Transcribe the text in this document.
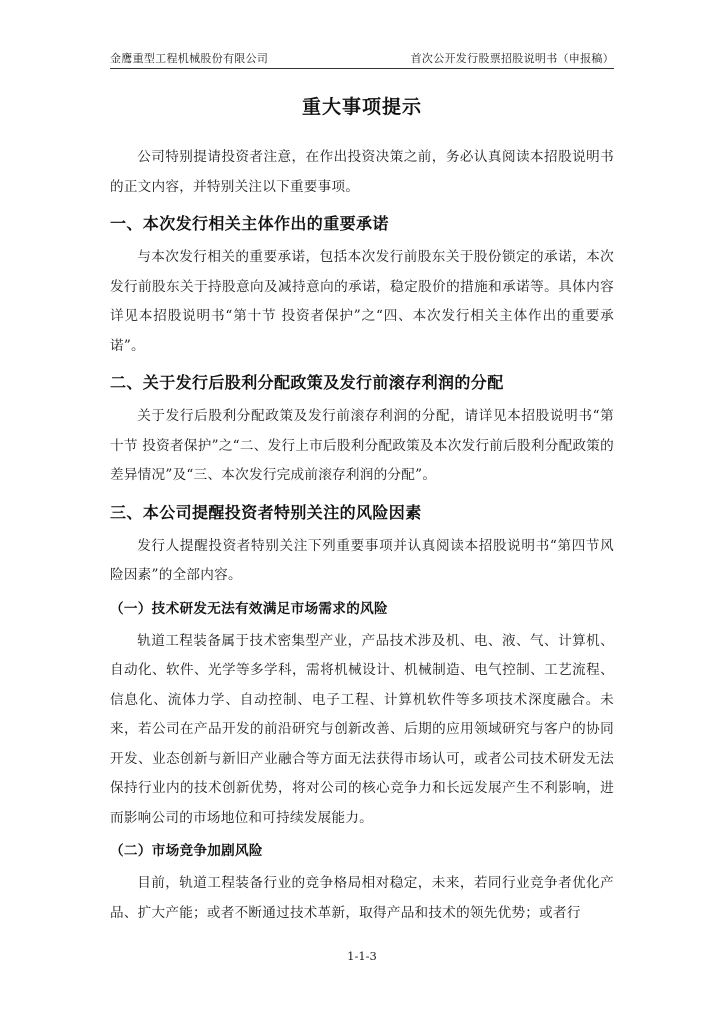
金鹰重型工程机械股份有限公司	首次公开发行股票招股说明书（申报稿）
重大事项提示

公司特别提请投资者注意，在作出投资决策之前，务必认真阅读本招股说明书的正文内容，并特别关注以下重要事项。

一、本次发行相关主体作出的重要承诺

与本次发行相关的重要承诺，包括本次发行前股东关于股份锁定的承诺，本次发行前股东关于持股意向及减持意向的承诺，稳定股价的措施和承诺等。具体内容详见本招股说明书“第十节 投资者保护”之“四、本次发行相关主体作出的重要承诺”。

二、关于发行后股利分配政策及发行前滚存利润的分配

关于发行后股利分配政策及发行前滚存利润的分配，请详见本招股说明书“第十节 投资者保护”之“二、发行上市后股利分配政策及本次发行前后股利分配政策的差异情况”及“三、本次发行完成前滚存利润的分配”。

三、本公司提醒投资者特别关注的风险因素

发行人提醒投资者特别关注下列重要事项并认真阅读本招股说明书“第四节风险因素”的全部内容。

（一）技术研发无法有效满足市场需求的风险

轨道工程装备属于技术密集型产业，产品技术涉及机、电、液、气、计算机、自动化、软件、光学等多学科，需将机械设计、机械制造、电气控制、工艺流程、信息化、流体力学、自动控制、电子工程、计算机软件等多项技术深度融合。未来，若公司在产品开发的前沿研究与创新改善、后期的应用领域研究与客户的协同开发、业态创新与新旧产业融合等方面无法获得市场认可，或者公司技术研发无法保持行业内的技术创新优势，将对公司的核心竞争力和长远发展产生不利影响，进而影响公司的市场地位和可持续发展能力。

（二）市场竞争加剧风险

目前，轨道工程装备行业的竞争格局相对稳定，未来，若同行业竞争者优化产品、扩大产能；或者不断通过技术革新，取得产品和技术的领先优势；或者行

1-1-3
